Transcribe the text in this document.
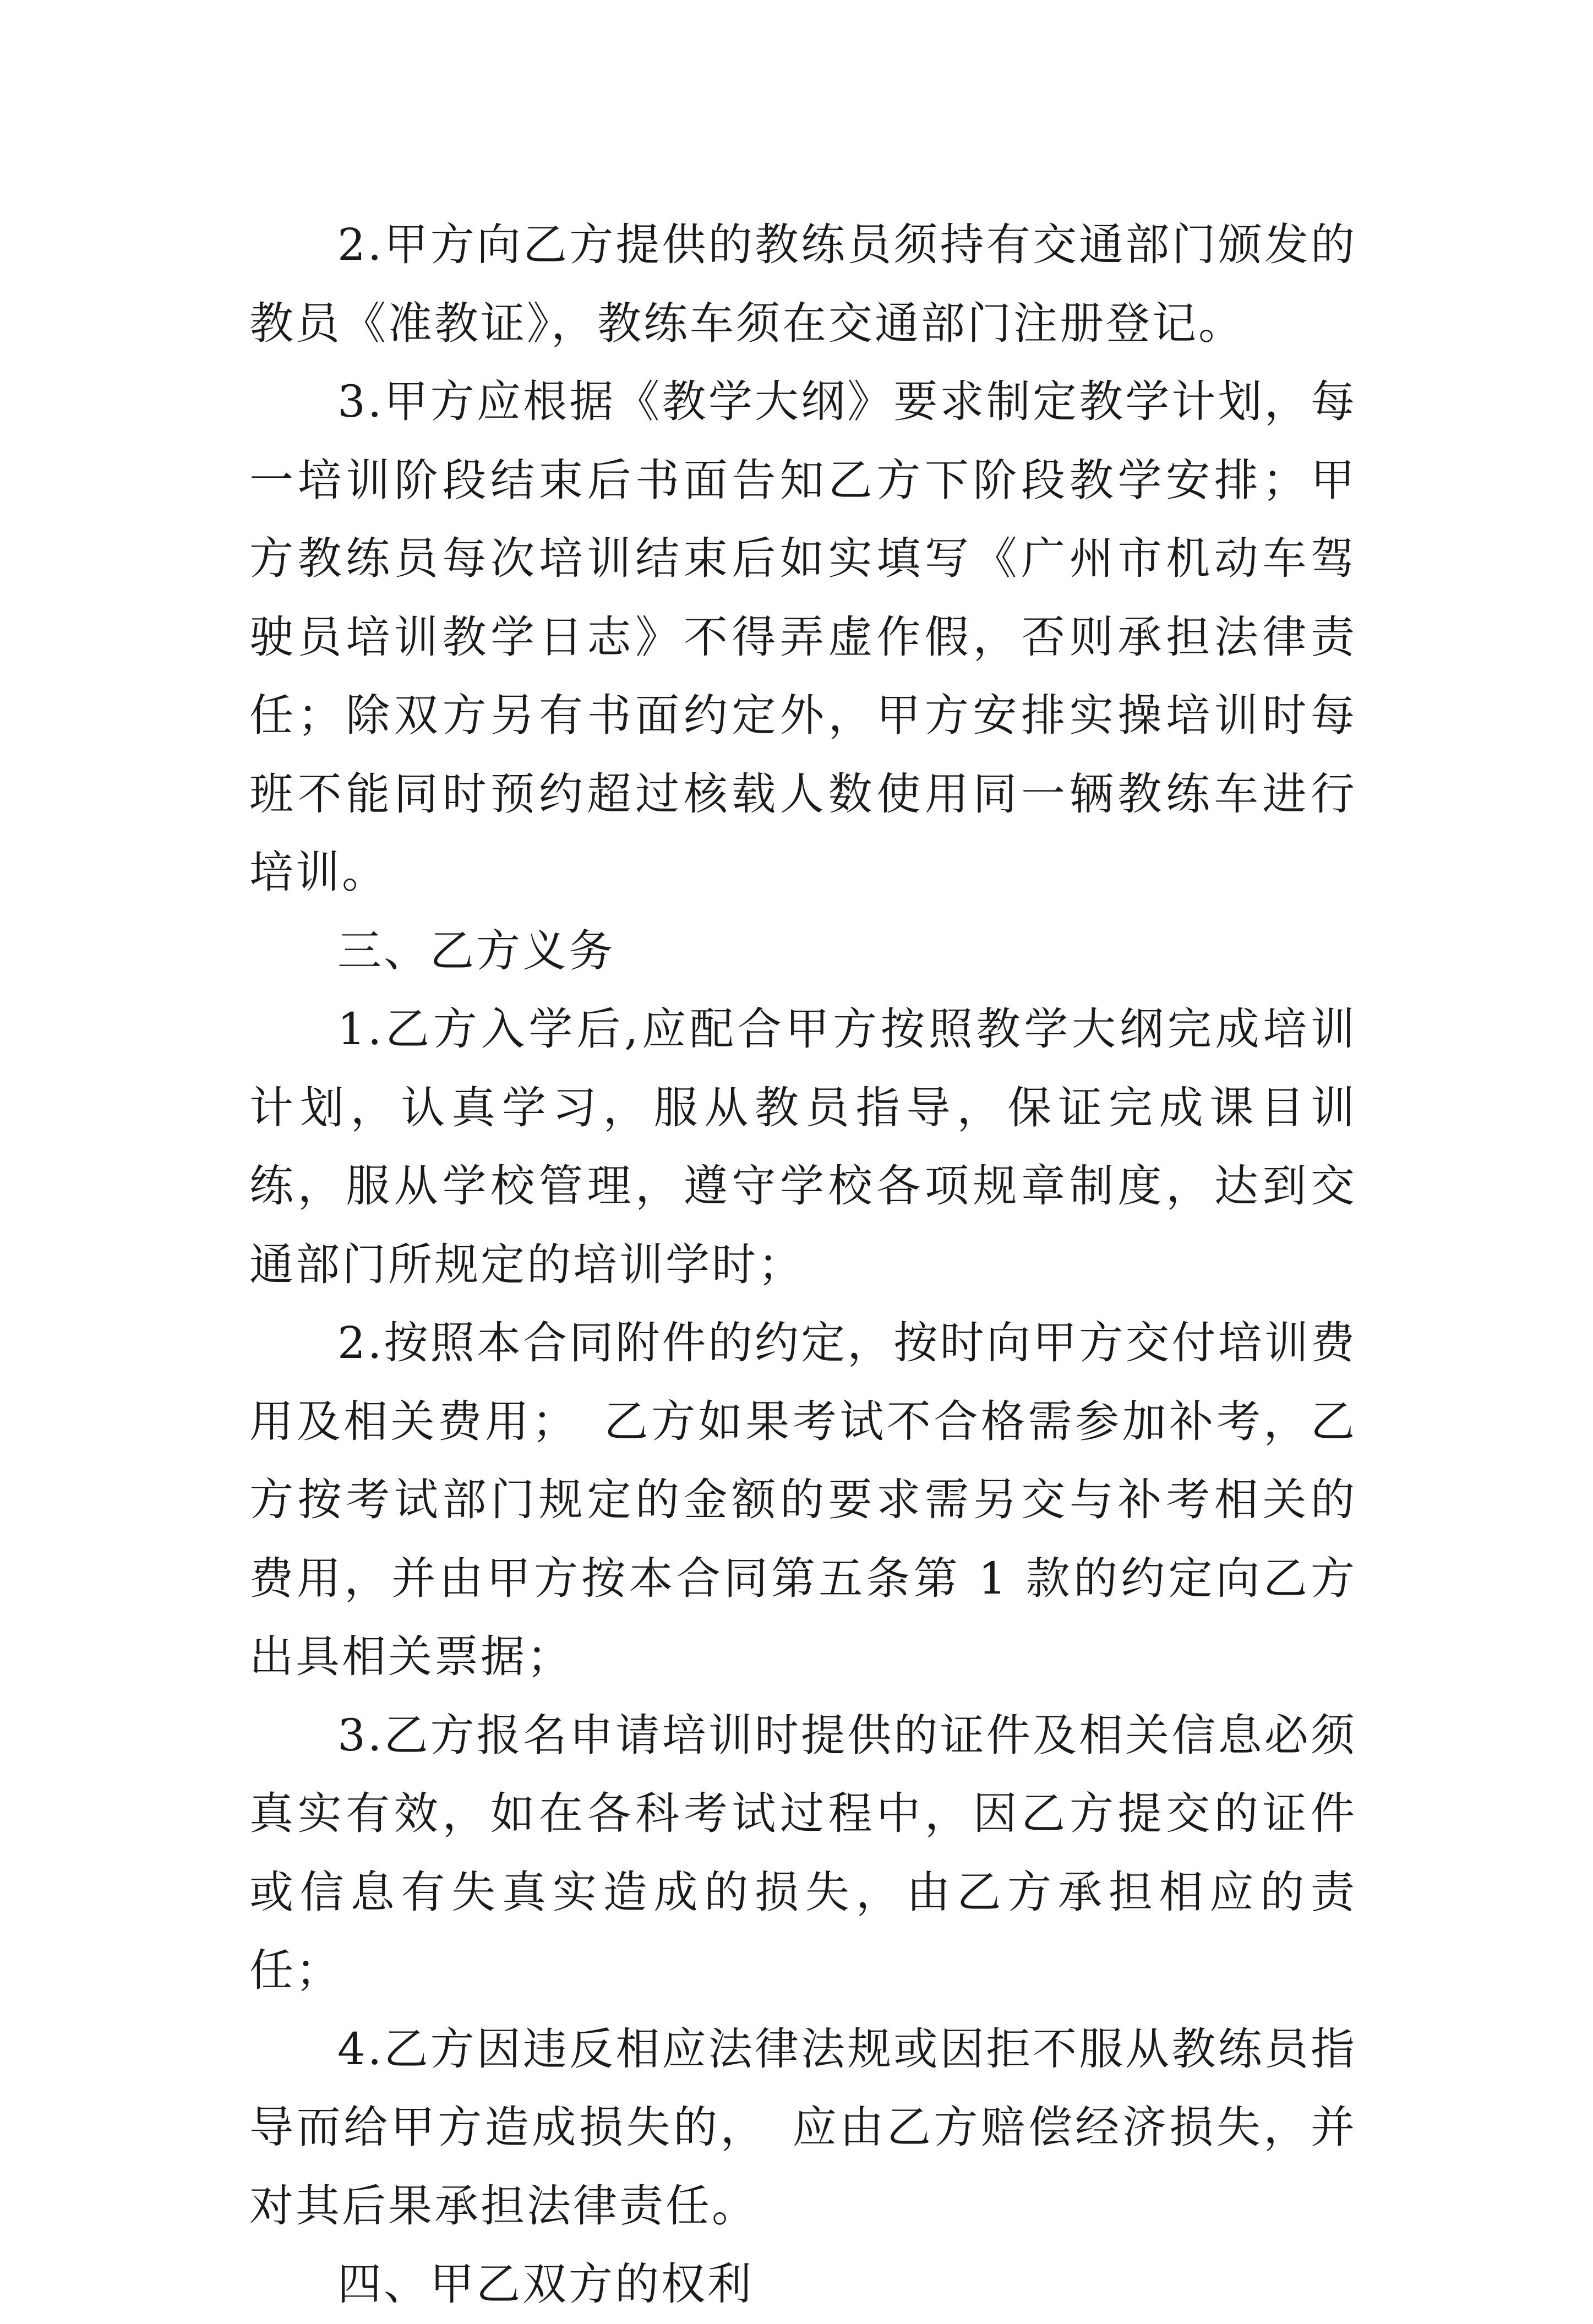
2.甲方向乙方提供的教练员须持有交通部门颁发的教员《准教证》，教练车须在交通部门注册登记。

3.甲方应根据《教学大纲》要求制定教学计划，每一培训阶段结束后书面告知乙方下阶段教学安排；甲方教练员每次培训结束后如实填写《广州市机动车驾驶员培训教学日志》不得弄虚作假，否则承担法律责任；除双方另有书面约定外，甲方安排实操培训时每班不能同时预约超过核载人数使用同一辆教练车进行培训。

三、乙方义务

1.乙方入学后,应配合甲方按照教学大纲完成培训计划，认真学习，服从教员指导，保证完成课目训练，服从学校管理，遵守学校各项规章制度，达到交通部门所规定的培训学时；

2.按照本合同附件的约定，按时向甲方交付培训费用及相关费用；　乙方如果考试不合格需参加补考，乙方按考试部门规定的金额的要求需另交与补考相关的费用，并由甲方按本合同第五条第 1 款的约定向乙方出具相关票据；

3.乙方报名申请培训时提供的证件及相关信息必须真实有效，如在各科考试过程中，因乙方提交的证件或信息有失真实造成的损失，由乙方承担相应的责任；

4.乙方因违反相应法律法规或因拒不服从教练员指导而给甲方造成损失的，　应由乙方赔偿经济损失，并对其后果承担法律责任。

四、甲乙双方的权利
